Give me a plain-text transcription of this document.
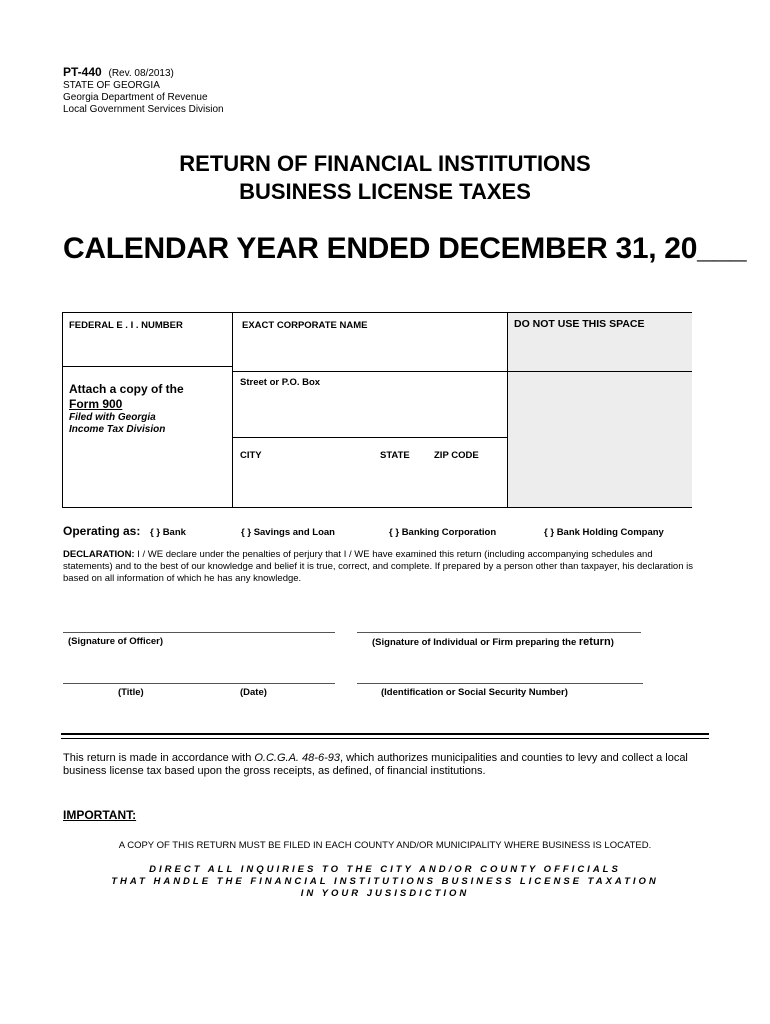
PT-440 (Rev. 08/2013)
STATE OF GEORGIA
Georgia Department of Revenue
Local Government Services Division
RETURN OF FINANCIAL INSTITUTIONS
BUSINESS LICENSE TAXES
CALENDAR YEAR ENDED DECEMBER 31, 20___
FEDERAL E . I . NUMBER	EXACT CORPORATE NAME	DO NOT USE THIS SPACE
Attach a copy of the
Form 900
Filed with Georgia
Income Tax Division
Street or P.O. Box
CITY	STATE	ZIP CODE
Operating as: { } Bank	{ } Savings and Loan	{ } Banking Corporation	{ } Bank Holding Company
DECLARATION: I / WE declare under the penalties of perjury that I / WE have examined this return (including accompanying schedules and statements) and to the best of our knowledge and belief it is true, correct, and complete. If prepared by a person other than taxpayer, his declaration is based on all information of which he has any knowledge.
(Signature of Officer)	(Signature of Individual or Firm preparing the return)
(Title)	(Date)	(Identification or Social Security Number)
This return is made in accordance with O.C.G.A. 48-6-93, which authorizes municipalities and counties to levy and collect a local business license tax based upon the gross receipts, as defined, of financial institutions.
IMPORTANT:
A COPY OF THIS RETURN MUST BE FILED IN EACH COUNTY AND/OR MUNICIPALITY WHERE BUSINESS IS LOCATED.
DIRECT ALL INQUIRIES TO THE CITY AND/OR COUNTY OFFICIALS
THAT HANDLE THE FINANCIAL INSTITUTIONS BUSINESS LICENSE TAXATION
IN YOUR JUSISDICTION
